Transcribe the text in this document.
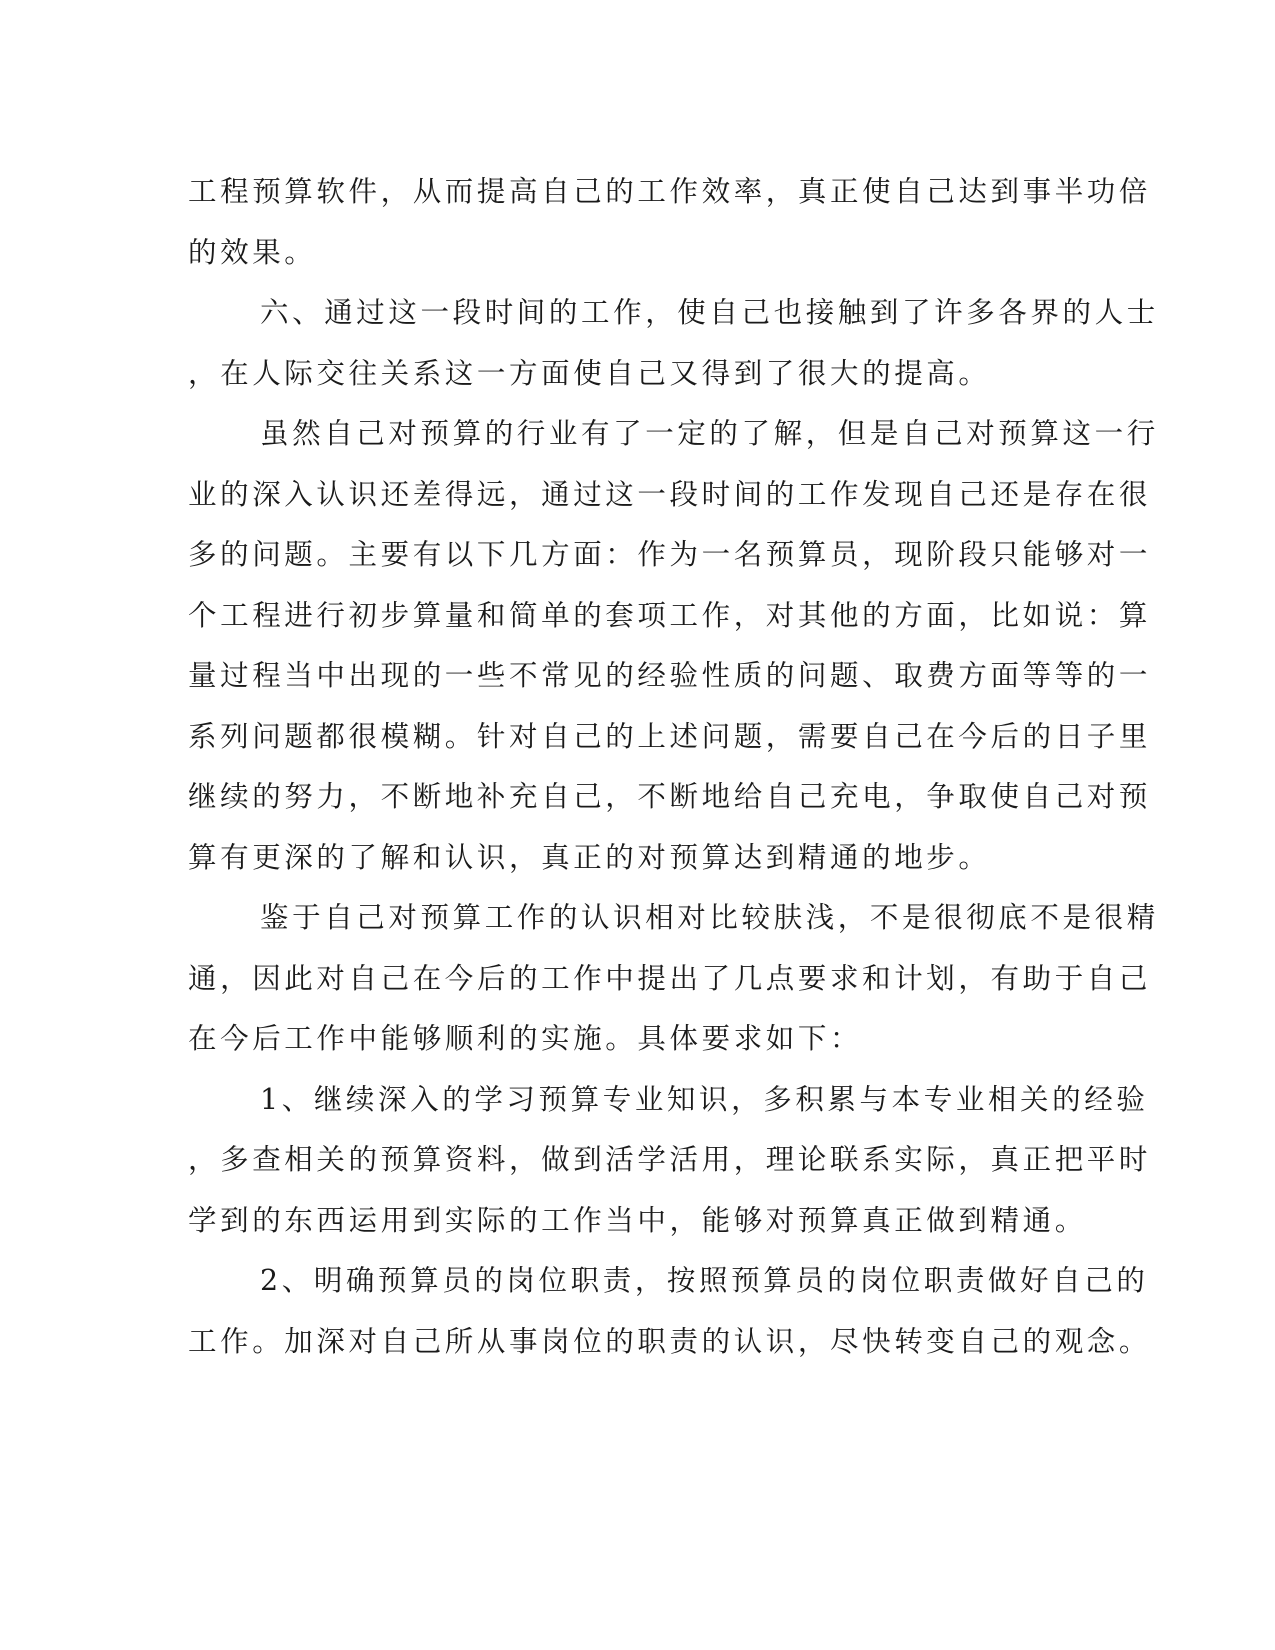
工程预算软件，从而提高自己的工作效率，真正使自己达到事半功倍
的效果。
六、通过这一段时间的工作，使自己也接触到了许多各界的人士
，在人际交往关系这一方面使自己又得到了很大的提高。
虽然自己对预算的行业有了一定的了解，但是自己对预算这一行
业的深入认识还差得远，通过这一段时间的工作发现自己还是存在很
多的问题。主要有以下几方面：作为一名预算员，现阶段只能够对一
个工程进行初步算量和简单的套项工作，对其他的方面，比如说：算
量过程当中出现的一些不常见的经验性质的问题、取费方面等等的一
系列问题都很模糊。针对自己的上述问题，需要自己在今后的日子里
继续的努力，不断地补充自己，不断地给自己充电，争取使自己对预
算有更深的了解和认识，真正的对预算达到精通的地步。
鉴于自己对预算工作的认识相对比较肤浅，不是很彻底不是很精
通，因此对自己在今后的工作中提出了几点要求和计划，有助于自己
在今后工作中能够顺利的实施。具体要求如下：
1、继续深入的学习预算专业知识，多积累与本专业相关的经验
，多查相关的预算资料，做到活学活用，理论联系实际，真正把平时
学到的东西运用到实际的工作当中，能够对预算真正做到精通。
2、明确预算员的岗位职责，按照预算员的岗位职责做好自己的
工作。加深对自己所从事岗位的职责的认识，尽快转变自己的观念。
